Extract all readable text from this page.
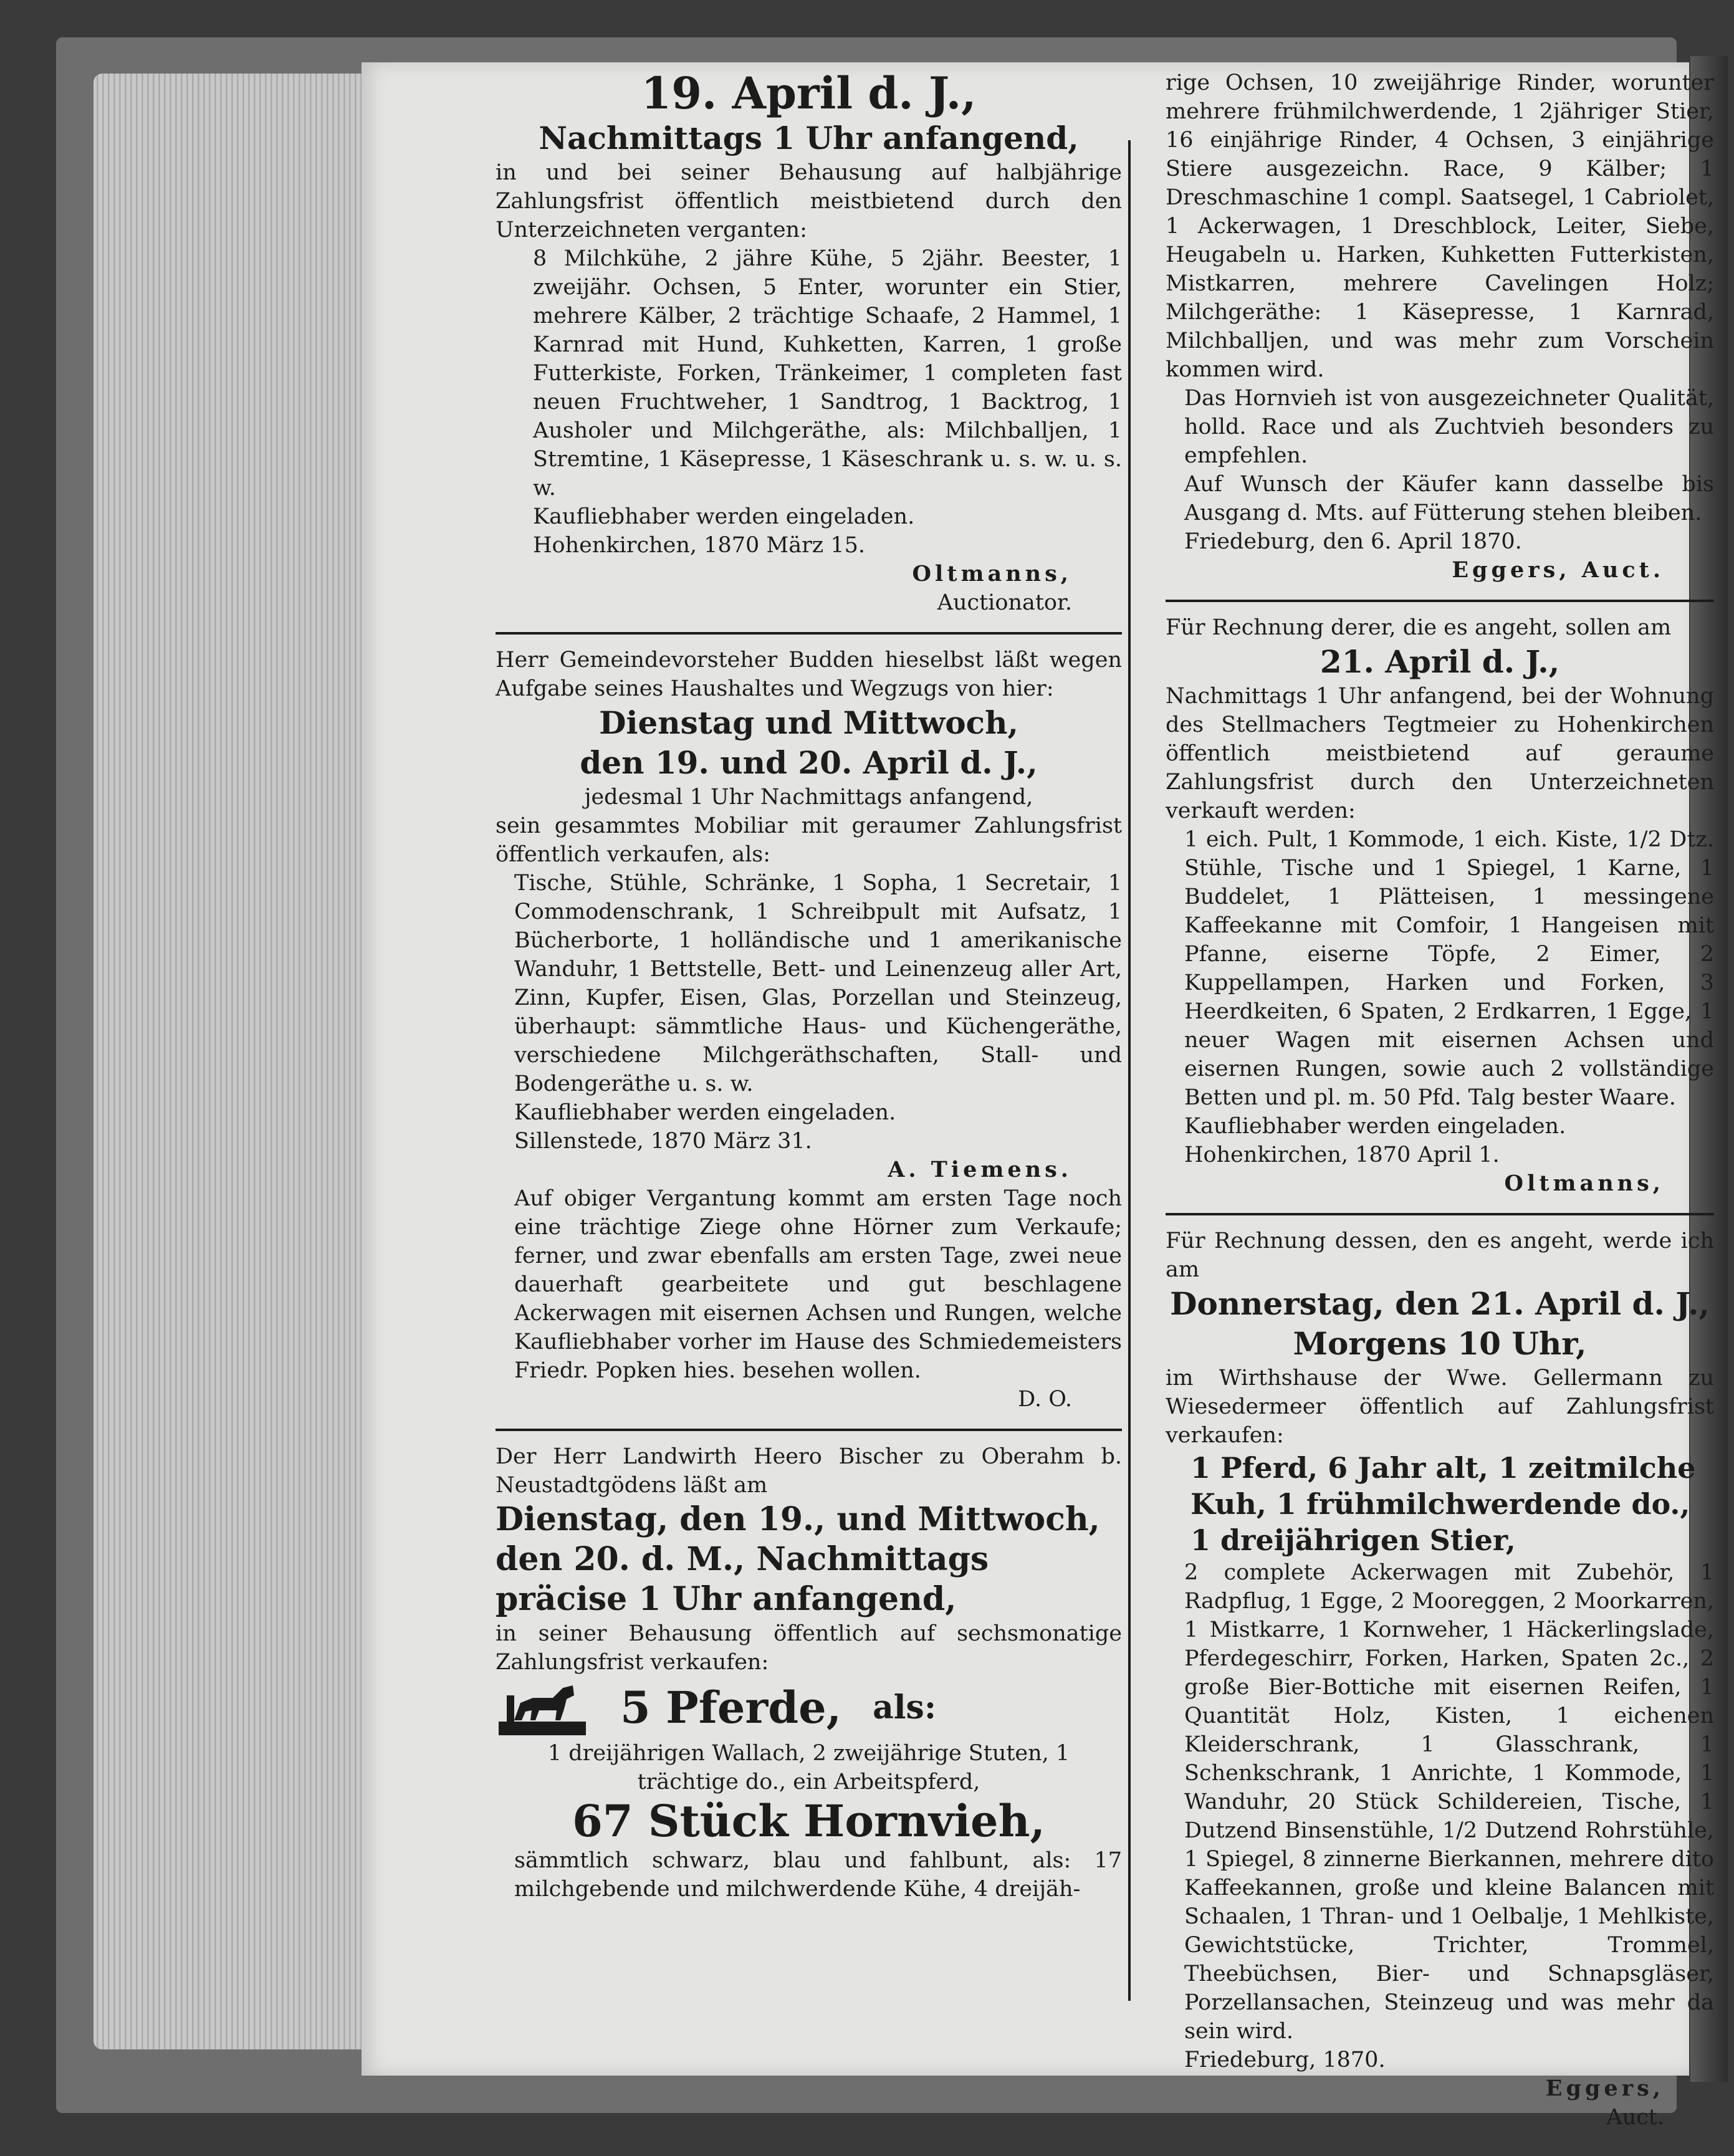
19. April d. J.,

Nachmittags 1 Uhr anfangend,

in und bei seiner Behausung auf halbjährige Zahlungsfrist öffentlich meistbietend durch den Unterzeichneten verganten:

8 Milchkühe, 2 jähre Kühe, 5 2jähr. Beester, 1 zweijähr. Ochsen, 5 Enter, worunter ein Stier, mehrere Kälber, 2 trächtige Schaafe, 2 Hammel, 1 Karnrad mit Hund, Kuhketten, Karren, 1 große Futterkiste, Forken, Tränkeimer, 1 completen fast neuen Fruchtweher, 1 Sandtrog, 1 Backtrog, 1 Ausholer und Milchgeräthe, als: Milchballjen, 1 Stremtine, 1 Käsepresse, 1 Käseschrank u. s. w. u. s. w.

Kaufliebhaber werden eingeladen.

Hohenkirchen, 1870 März 15.

Oltmanns,

Auctionator.

Herr Gemeindevorsteher Budden hieselbst läßt wegen Aufgabe seines Haushaltes und Wegzugs von hier:

Dienstag und Mittwoch,

den 19. und 20. April d. J.,

jedesmal 1 Uhr Nachmittags anfangend,

sein gesammtes Mobiliar mit geraumer Zahlungsfrist öffentlich verkaufen, als:

Tische, Stühle, Schränke, 1 Sopha, 1 Secretair, 1 Commodenschrank, 1 Schreibpult mit Aufsatz, 1 Bücherborte, 1 holländische und 1 amerikanische Wanduhr, 1 Bettstelle, Bett- und Leinenzeug aller Art, Zinn, Kupfer, Eisen, Glas, Porzellan und Steinzeug, überhaupt: sämmtliche Haus- und Küchengeräthe, verschiedene Milchgeräthschaften, Stall- und Bodengeräthe u. s. w.

Kaufliebhaber werden eingeladen.

Sillenstede, 1870 März 31.

A. Tiemens.

Auf obiger Vergantung kommt am ersten Tage noch eine trächtige Ziege ohne Hörner zum Verkaufe; ferner, und zwar ebenfalls am ersten Tage, zwei neue dauerhaft gearbeitete und gut beschlagene Ackerwagen mit eisernen Achsen und Rungen, welche Kaufliebhaber vorher im Hause des Schmiedemeisters Friedr. Popken hies. besehen wollen.

D. O.

Der Herr Landwirth Heero Bischer zu Oberahm b. Neustadtgödens läßt am

Dienstag, den 19., und Mittwoch, den 20. d. M., Nachmittags präcise 1 Uhr anfangend,

in seiner Behausung öffentlich auf sechsmonatige Zahlungsfrist verkaufen:

5 Pferde, als:

1 dreijährigen Wallach, 2 zweijährige Stuten, 1 trächtige do., ein Arbeitspferd,

67 Stück Hornvieh,

sämmtlich schwarz, blau und fahlbunt, als: 17 milchgebende und milchwerdende Kühe, 4 dreijäh-

rige Ochsen, 10 zweijährige Rinder, worunter mehrere frühmilchwerdende, 1 2jähriger Stier, 16 einjährige Rinder, 4 Ochsen, 3 einjährige Stiere ausgezeichn. Race, 9 Kälber; 1 Dreschmaschine 1 compl. Saatsegel, 1 Cabriolet, 1 Ackerwagen, 1 Dreschblock, Leiter, Siebe, Heugabeln u. Harken, Kuhketten Futterkisten, Mistkarren, mehrere Cavelingen Holz; Milchgeräthe: 1 Käsepresse, 1 Karnrad, Milchballjen, und was mehr zum Vorschein kommen wird.

Das Hornvieh ist von ausgezeichneter Qualität, holld. Race und als Zuchtvieh besonders zu empfehlen.

Auf Wunsch der Käufer kann dasselbe bis Ausgang d. Mts. auf Fütterung stehen bleiben.

Friedeburg, den 6. April 1870.

Eggers, Auct.

Für Rechnung derer, die es angeht, sollen am

21. April d. J.,

Nachmittags 1 Uhr anfangend, bei der Wohnung des Stellmachers Tegtmeier zu Hohenkirchen öffentlich meistbietend auf geraume Zahlungsfrist durch den Unterzeichneten verkauft werden:

1 eich. Pult, 1 Kommode, 1 eich. Kiste, 1/2 Dtz. Stühle, Tische und 1 Spiegel, 1 Karne, 1 Buddelet, 1 Plätteisen, 1 messingene Kaffeekanne mit Comfoir, 1 Hangeisen mit Pfanne, eiserne Töpfe, 2 Eimer, 2 Kuppellampen, Harken und Forken, 3 Heerdkeiten, 6 Spaten, 2 Erdkarren, 1 Egge, 1 neuer Wagen mit eisernen Achsen und eisernen Rungen, sowie auch 2 vollständige Betten und pl. m. 50 Pfd. Talg bester Waare.

Kaufliebhaber werden eingeladen.

Hohenkirchen, 1870 April 1.

Oltmanns,

Für Rechnung dessen, den es angeht, werde ich am

Donnerstag, den 21. April d. J.,

Morgens 10 Uhr,

im Wirthshause der Wwe. Gellermann zu Wiesedermeer öffentlich auf Zahlungsfrist verkaufen:

1 Pferd, 6 Jahr alt, 1 zeitmilche Kuh, 1 frühmilchwerdende do., 1 dreijährigen Stier,

2 complete Ackerwagen mit Zubehör, 1 Radpflug, 1 Egge, 2 Mooreggen, 2 Moorkarren, 1 Mistkarre, 1 Kornweher, 1 Häckerlingslade, Pferdegeschirr, Forken, Harken, Spaten 2c., 2 große Bier-Bottiche mit eisernen Reifen, 1 Quantität Holz, Kisten, 1 eichenen Kleiderschrank, 1 Glasschrank, 1 Schenkschrank, 1 Anrichte, 1 Kommode, 1 Wanduhr, 20 Stück Schildereien, Tische, 1 Dutzend Binsenstühle, 1/2 Dutzend Rohrstühle, 1 Spiegel, 8 zinnerne Bierkannen, mehrere dito Kaffeekannen, große und kleine Balancen mit Schaalen, 1 Thran- und 1 Oelbalje, 1 Mehlkiste, Gewichtstücke, Trichter, Trommel, Theebüchsen, Bier- und Schnapsgläser, Porzellansachen, Steinzeug und was mehr da sein wird.

Friedeburg, 1870.

Eggers,

Auct.
